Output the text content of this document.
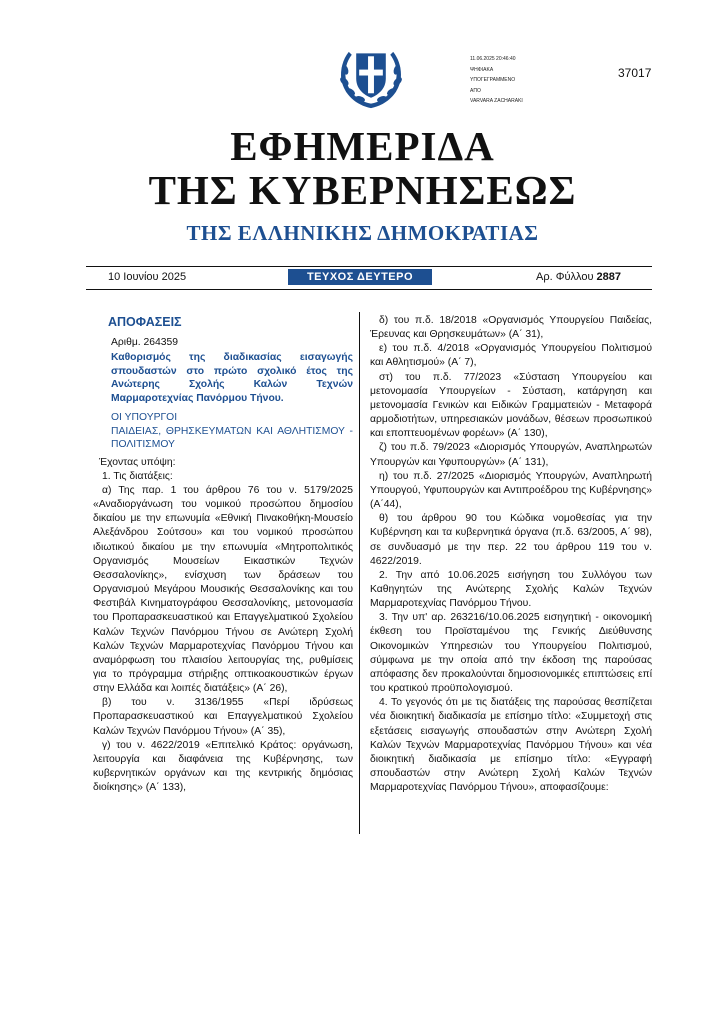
11.06.2025 20:46:40
ΨΗΦΙΑΚΑ
ΥΠΟΓΕΓΡΑΜΜΕΝΟ
ΑΠΟ
VARVARA ZACHARAKI
37017
ΕΦΗΜΕΡΙΔΑ
ΤΗΣ ΚΥΒΕΡΝΗΣΕΩΣ
ΤΗΣ ΕΛΛΗΝΙΚΗΣ ΔΗΜΟΚΡΑΤΙΑΣ
10 Ιουνίου 2025	ΤΕΥΧΟΣ ΔΕΥΤΕΡΟ	Αρ. Φύλλου 2887
ΑΠΟΦΑΣΕΙΣ
Αριθμ. 264359
Καθορισμός της διαδικασίας εισαγωγής σπουδαστών στο πρώτο σχολικό έτος της Ανώτερης Σχολής Καλών Τεχνών Μαρμαροτεχνίας Πανόρμου Τήνου.
ΟΙ ΥΠΟΥΡΓΟΙ
ΠΑΙΔΕΙΑΣ, ΘΡΗΣΚΕΥΜΑΤΩΝ ΚΑΙ ΑΘΛΗΤΙΣΜΟΥ - ΠΟΛΙΤΙΣΜΟΥ

Έχοντας υπόψη:

1. Τις διατάξεις:

α) Της παρ. 1 του άρθρου 76 του ν. 5179/2025 «Αναδιοργάνωση του νομικού προσώπου δημοσίου δικαίου με την επωνυμία «Εθνική Πινακοθήκη-Μουσείο Αλεξάνδρου Σούτσου» και του νομικού προσώπου ιδιωτικού δικαίου με την επωνυμία «Μητροπολιτικός Οργανισμός Μουσείων Εικαστικών Τεχνών Θεσσαλονίκης», ενίσχυση των δράσεων του Οργανισμού Μεγάρου Μουσικής Θεσσαλονίκης και του Φεστιβάλ Κινηματογράφου Θεσσαλονίκης, μετονομασία του Προπαρασκευαστικού και Επαγγελματικού Σχολείου Καλών Τεχνών Πανόρμου Τήνου σε Ανώτερη Σχολή Καλών Τεχνών Μαρμαροτεχνίας Πανόρμου Τήνου και αναμόρφωση του πλαισίου λειτουργίας της, ρυθμίσεις για το πρόγραμμα στήριξης οπτικοακουστικών έργων στην Ελλάδα και λοιπές διατάξεις» (Α΄ 26),

β) του ν. 3136/1955 «Περί ιδρύσεως Προπαρασκευαστικού και Επαγγελματικού Σχολείου Καλών Τεχνών Πανόρμου Τήνου» (Α΄ 35),

γ) του ν. 4622/2019 «Επιτελικό Κράτος: οργάνωση, λειτουργία και διαφάνεια της Κυβέρνησης, των κυβερνητικών οργάνων και της κεντρικής δημόσιας διοίκησης» (Α΄ 133),

δ) του π.δ. 18/2018 «Οργανισμός Υπουργείου Παιδείας, Έρευνας και Θρησκευμάτων» (Α΄ 31),

ε) του π.δ. 4/2018 «Οργανισμός Υπουργείου Πολιτισμού και Αθλητισμού» (Α΄ 7),

στ) του π.δ. 77/2023 «Σύσταση Υπουργείου και μετονομασία Υπουργείων - Σύσταση, κατάργηση και μετονομασία Γενικών και Ειδικών Γραμματειών - Μεταφορά αρμοδιοτήτων, υπηρεσιακών μονάδων, θέσεων προσωπικού και εποπτευομένων φορέων» (Α΄ 130),

ζ) του π.δ. 79/2023 «Διορισμός Υπουργών, Αναπληρωτών Υπουργών και Υφυπουργών» (Α΄ 131),

η) του π.δ. 27/2025 «Διορισμός Υπουργών, Αναπληρωτή Υπουργού, Υφυπουργών και Αντιπροέδρου της Κυβέρνησης» (Α΄44),

θ) του άρθρου 90 του Κώδικα νομοθεσίας για την Κυβέρνηση και τα κυβερνητικά όργανα (π.δ. 63/2005, Α΄ 98), σε συνδυασμό με την περ. 22 του άρθρου 119 του ν. 4622/2019.

2. Την από 10.06.2025 εισήγηση του Συλλόγου των Καθηγητών της Ανώτερης Σχολής Καλών Τεχνών Μαρμαροτεχνίας Πανόρμου Τήνου.

3. Την υπ' αρ. 263216/10.06.2025 εισηγητική - οικονομική έκθεση του Προϊσταμένου της Γενικής Διεύθυνσης Οικονομικών Υπηρεσιών του Υπουργείου Πολιτισμού, σύμφωνα με την οποία από την έκδοση της παρούσας απόφασης δεν προκαλούνται δημοσιονομικές επιπτώσεις επί του κρατικού προϋπολογισμού.

4. Το γεγονός ότι με τις διατάξεις της παρούσας θεσπίζεται νέα διοικητική διαδικασία με επίσημο τίτλο: «Συμμετοχή στις εξετάσεις εισαγωγής σπουδαστών στην Ανώτερη Σχολή Καλών Τεχνών Μαρμαροτεχνίας Πανόρμου Τήνου» και νέα διοικητική διαδικασία με επίσημο τίτλο: «Εγγραφή σπουδαστών στην Ανώτερη Σχολή Καλών Τεχνών Μαρμαροτεχνίας Πανόρμου Τήνου», αποφασίζουμε:
